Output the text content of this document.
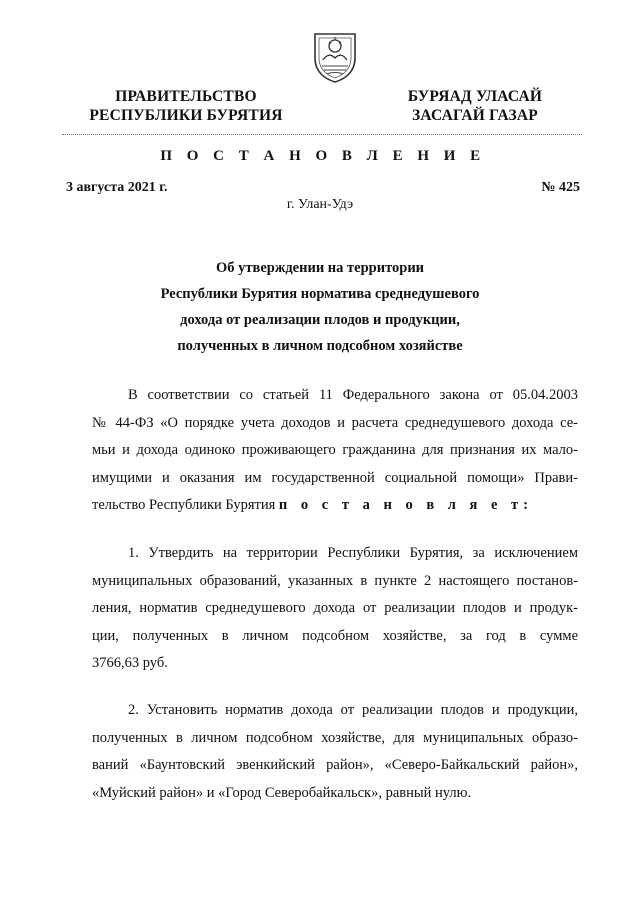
ПРАВИТЕЛЬСТВО
РЕСПУБЛИКИ БУРЯТИЯ
БУРЯАД УЛАСАЙ
ЗАСАГАЙ ГАЗАР
П О С Т А Н О В Л Е Н И Е
3 августа 2021 г.	№ 425
г. Улан-Удэ
Об утверждении на территории
Республики Бурятия норматива среднедушевого
дохода от реализации плодов и продукции,
полученных в личном подсобном хозяйстве
В соответствии со статьей 11 Федерального закона от 05.04.2003
№ 44-ФЗ «О порядке учета доходов и расчета среднедушевого дохода се-
мьи и дохода одиноко проживающего гражданина для признания их мало-
имущими и оказания им государственной социальной помощи» Прави-
тельство Республики Бурятия п о с т а н о в л я е т:
1. Утвердить на территории Республики Бурятия, за исключением
муниципальных образований, указанных в пункте 2 настоящего постанов-
ления, норматив среднедушевого дохода от реализации плодов и продук-
ции, полученных в личном подсобном хозяйстве, за год в сумме
3766,63 руб.
2. Установить норматив дохода от реализации плодов и продукции,
полученных в личном подсобном хозяйстве, для муниципальных образо-
ваний «Баунтовский эвенкийский район», «Северо-Байкальский район»,
«Муйский район» и «Город Северобайкальск», равный нулю.
